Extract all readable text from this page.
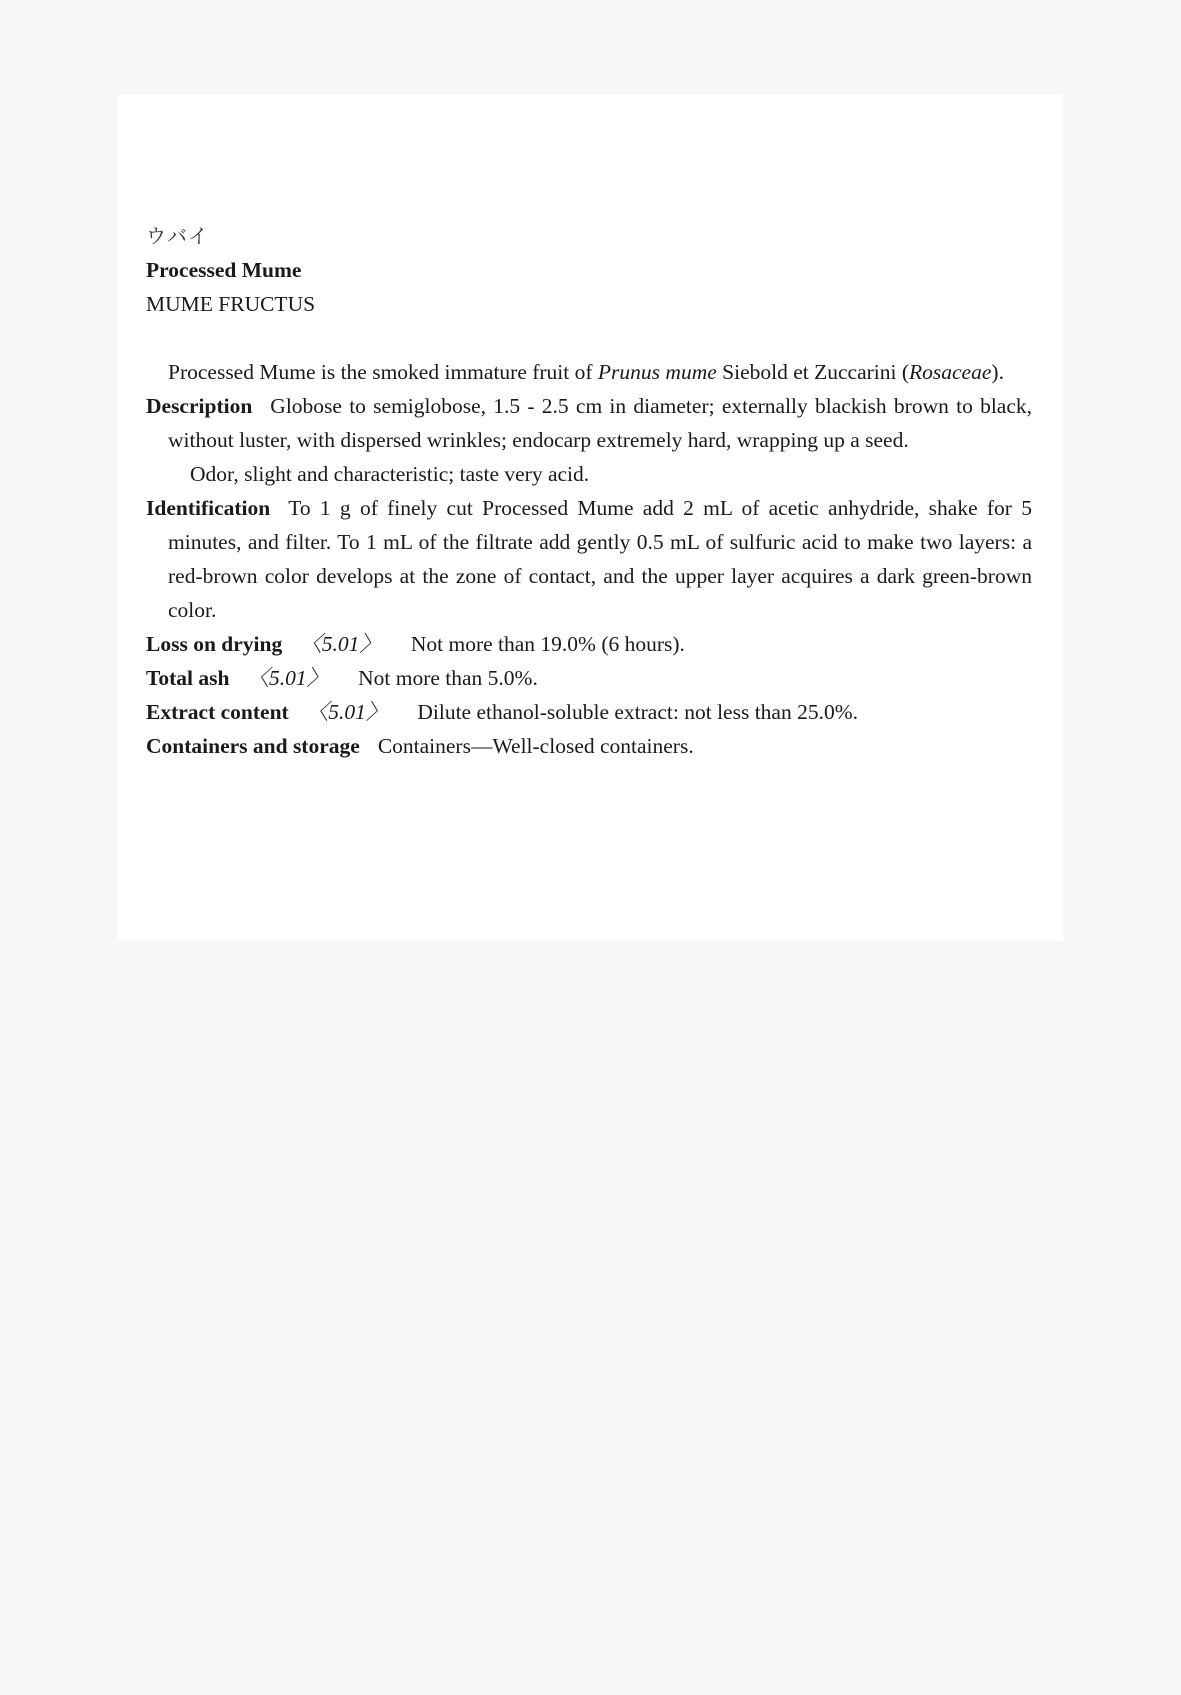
ウバイ
Processed Mume
MUME FRUCTUS
Processed Mume is the smoked immature fruit of Prunus mume Siebold et Zuccarini (Rosaceae).
Description Globose to semiglobose, 1.5 - 2.5 cm in diameter; externally blackish brown to black, without luster, with dispersed wrinkles; endocarp extremely hard, wrapping up a seed.
Odor, slight and characteristic; taste very acid.
Identification To 1 g of finely cut Processed Mume add 2 mL of acetic anhydride, shake for 5 minutes, and filter. To 1 mL of the filtrate add gently 0.5 mL of sulfuric acid to make two layers: a red-brown color develops at the zone of contact, and the upper layer acquires a dark green-brown color.
Loss on drying 〈5.01〉 Not more than 19.0% (6 hours).
Total ash 〈5.01〉 Not more than 5.0%.
Extract content 〈5.01〉 Dilute ethanol-soluble extract: not less than 25.0%.
Containers and storage Containers—Well-closed containers.
